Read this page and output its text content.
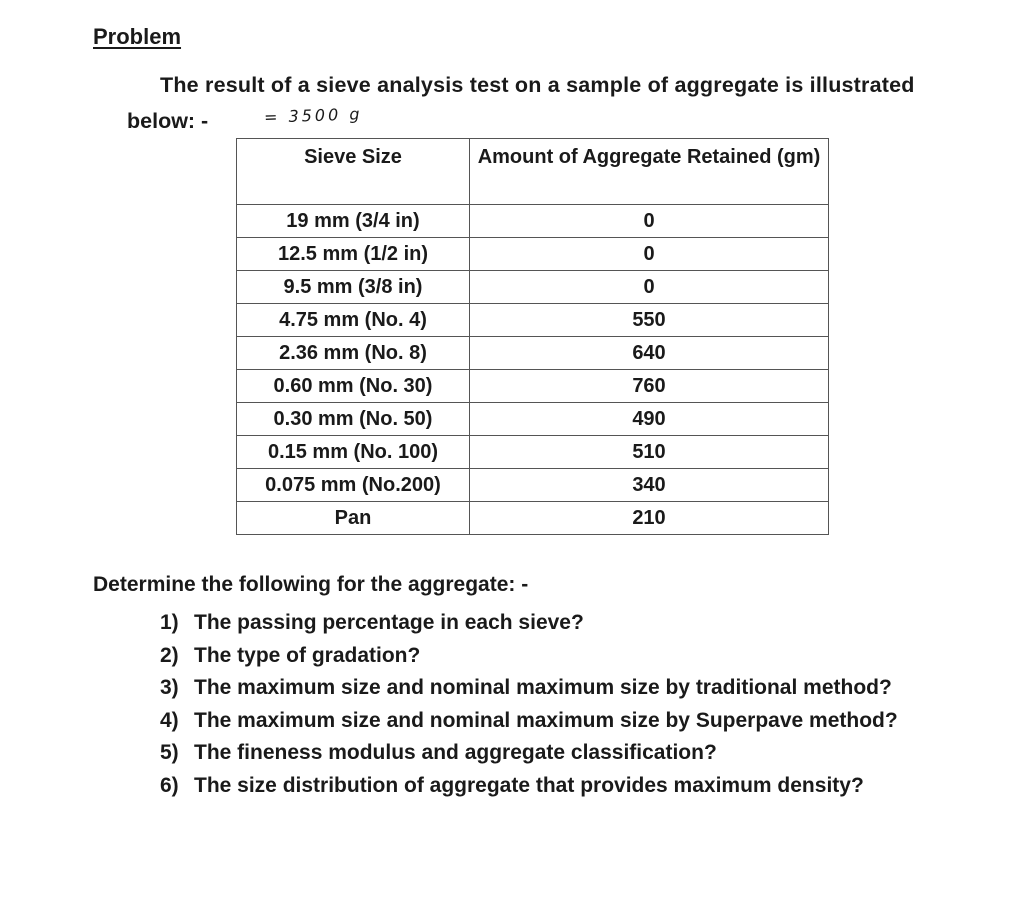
Problem
The result of a sieve analysis test on a sample of aggregate is illustrated
below: -	= 3500 g
Sieve Size	Amount of Aggregate Retained (gm)
19 mm (3/4 in)	0
12.5 mm (1/2 in)	0
9.5 mm (3/8 in)	0
4.75 mm (No. 4)	550
2.36 mm (No. 8)	640
0.60 mm (No. 30)	760
0.30 mm (No. 50)	490
0.15 mm (No. 100)	510
0.075 mm (No.200)	340
Pan	210
Determine the following for the aggregate: -
1) The passing percentage in each sieve?
2) The type of gradation?
3) The maximum size and nominal maximum size by traditional method?
4) The maximum size and nominal maximum size by Superpave method?
5) The fineness modulus and aggregate classification?
6) The size distribution of aggregate that provides maximum density?
